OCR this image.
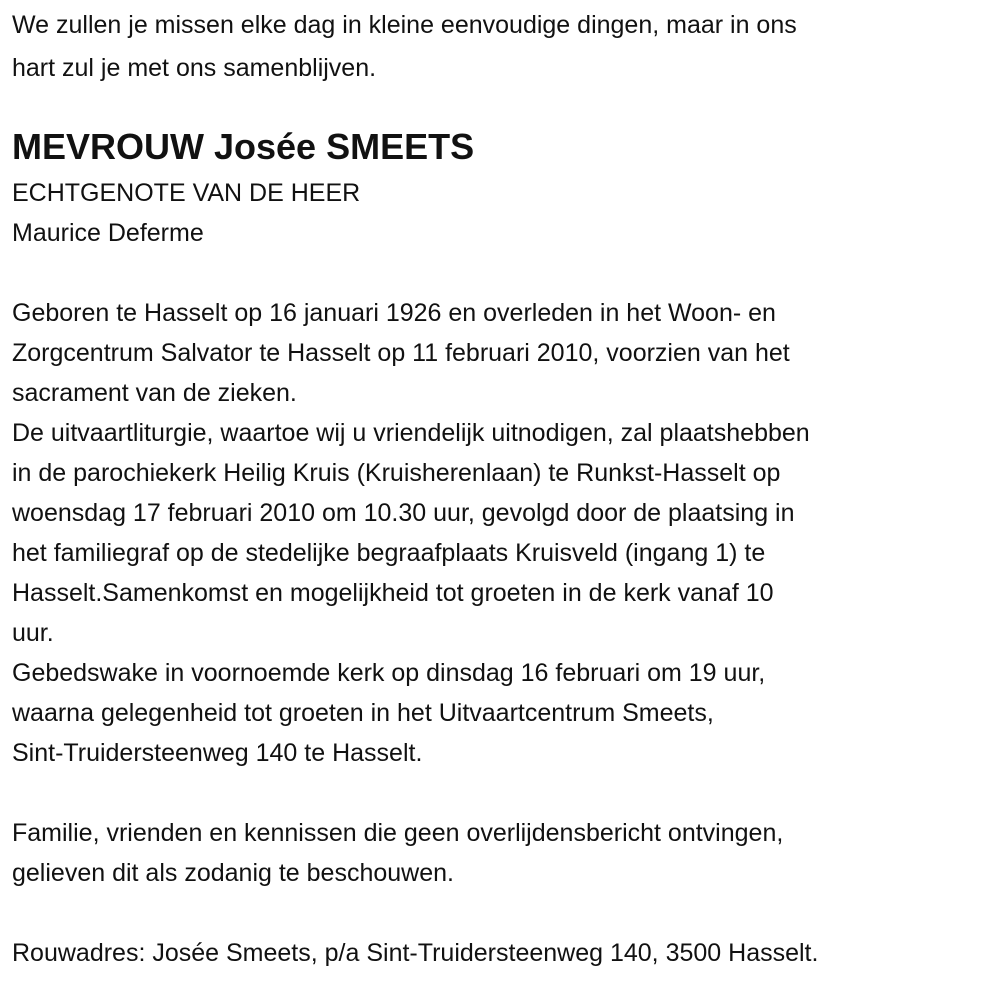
We zullen je missen elke dag in kleine eenvoudige dingen, maar in ons
hart zul je met ons samenblijven.
MEVROUW Josée SMEETS
ECHTGENOTE VAN DE HEER
Maurice Deferme
Geboren te Hasselt op 16 januari 1926 en overleden in het Woon- en
Zorgcentrum Salvator te Hasselt op 11 februari 2010, voorzien van het
sacrament van de zieken.
De uitvaartliturgie, waartoe wij u vriendelijk uitnodigen, zal plaatshebben
in de parochiekerk Heilig Kruis (Kruisherenlaan) te Runkst-Hasselt op
woensdag 17 februari 2010 om 10.30 uur, gevolgd door de plaatsing in
het familiegraf op de stedelijke begraafplaats Kruisveld (ingang 1) te
Hasselt.Samenkomst en mogelijkheid tot groeten in de kerk vanaf 10
uur.
Gebedswake in voornoemde kerk op dinsdag 16 februari om 19 uur,
waarna gelegenheid tot groeten in het Uitvaartcentrum Smeets,
Sint-Truidersteenweg 140 te Hasselt.
Familie, vrienden en kennissen die geen overlijdensbericht ontvingen,
gelieven dit als zodanig te beschouwen.
Rouwadres: Josée Smeets, p/a Sint-Truidersteenweg 140, 3500 Hasselt.
